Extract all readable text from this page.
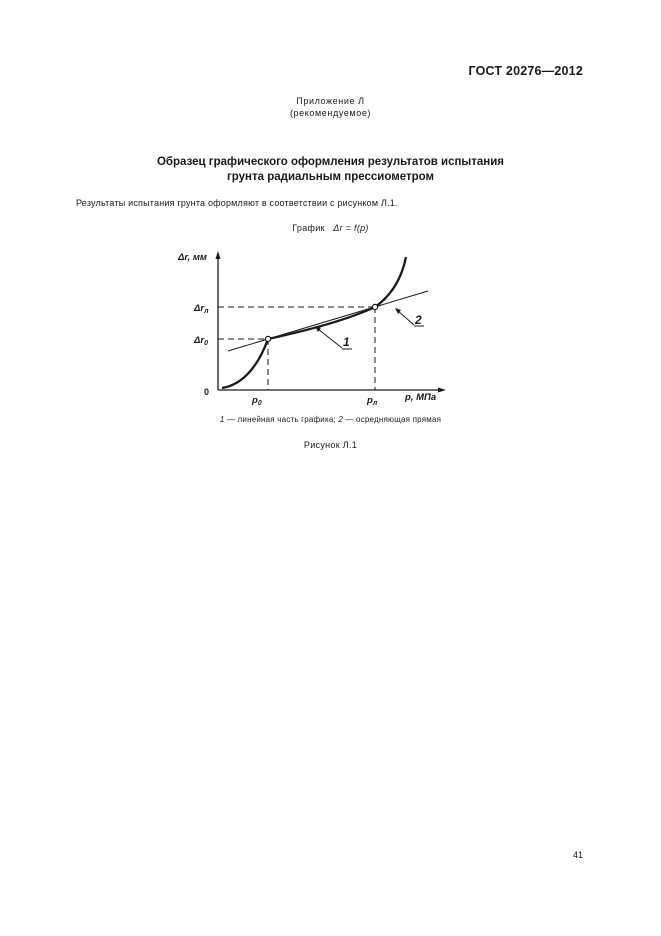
ГОСТ 20276—2012
Приложение Л
(рекомендуемое)
Образец графического оформления результатов испытания
грунта радиальным прессиометром
Результаты испытания грунта оформляют в соответствии с рисунком Л.1.
График Δr = f(p)
Δr, мм
$p_0$	$p_л$
0
$\Delta r_0$
$\Delta r_л$
p, МПа
1
2
1 — линейная часть графика; 2 — осредняющая прямая
Рисунок Л.1
41
